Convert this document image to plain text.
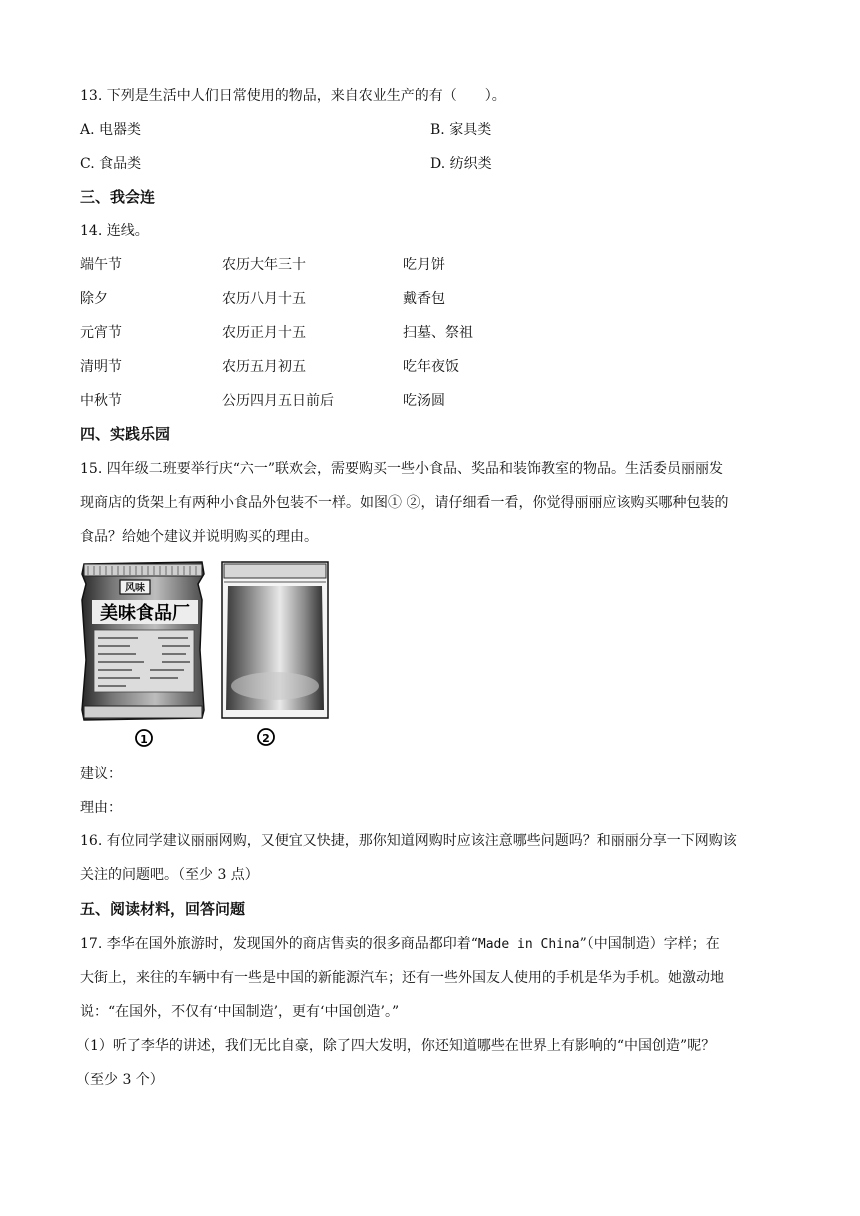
13. 下列是生活中人们日常使用的物品，来自农业生产的有（　　）。
A. 电器类	B. 家具类
C. 食品类	D. 纺织类
三、我会连
14. 连线。
端午节	农历大年三十	吃月饼
除夕	农历八月十五	戴香包
元宵节	农历正月十五	扫墓、祭祖
清明节	农历五月初五	吃年夜饭
中秋节	公历四月五日前后	吃汤圆
四、实践乐园
15. 四年级二班要举行庆“六一”联欢会，需要购买一些小食品、奖品和装饰教室的物品。生活委员丽丽发
现商店的货架上有两种小食品外包装不一样。如图① ②，请仔细看一看，你觉得丽丽应该购买哪种包装的
食品？给她个建议并说明购买的理由。
风味
美味食品厂
1	2
建议：
理由：
16. 有位同学建议丽丽网购，又便宜又快捷，那你知道网购时应该注意哪些问题吗？和丽丽分享一下网购该
关注的问题吧。（至少 3 点）
五、阅读材料，回答问题
17. 李华在国外旅游时，发现国外的商店售卖的很多商品都印着“Made in China”（中国制造）字样；在
大街上，来往的车辆中有一些是中国的新能源汽车；还有一些外国友人使用的手机是华为手机。她激动地
说：“在国外，不仅有‘中国制造’，更有‘中国创造’。”
（1）听了李华的讲述，我们无比自豪，除了四大发明，你还知道哪些在世界上有影响的“中国创造”呢？
（至少 3 个）
